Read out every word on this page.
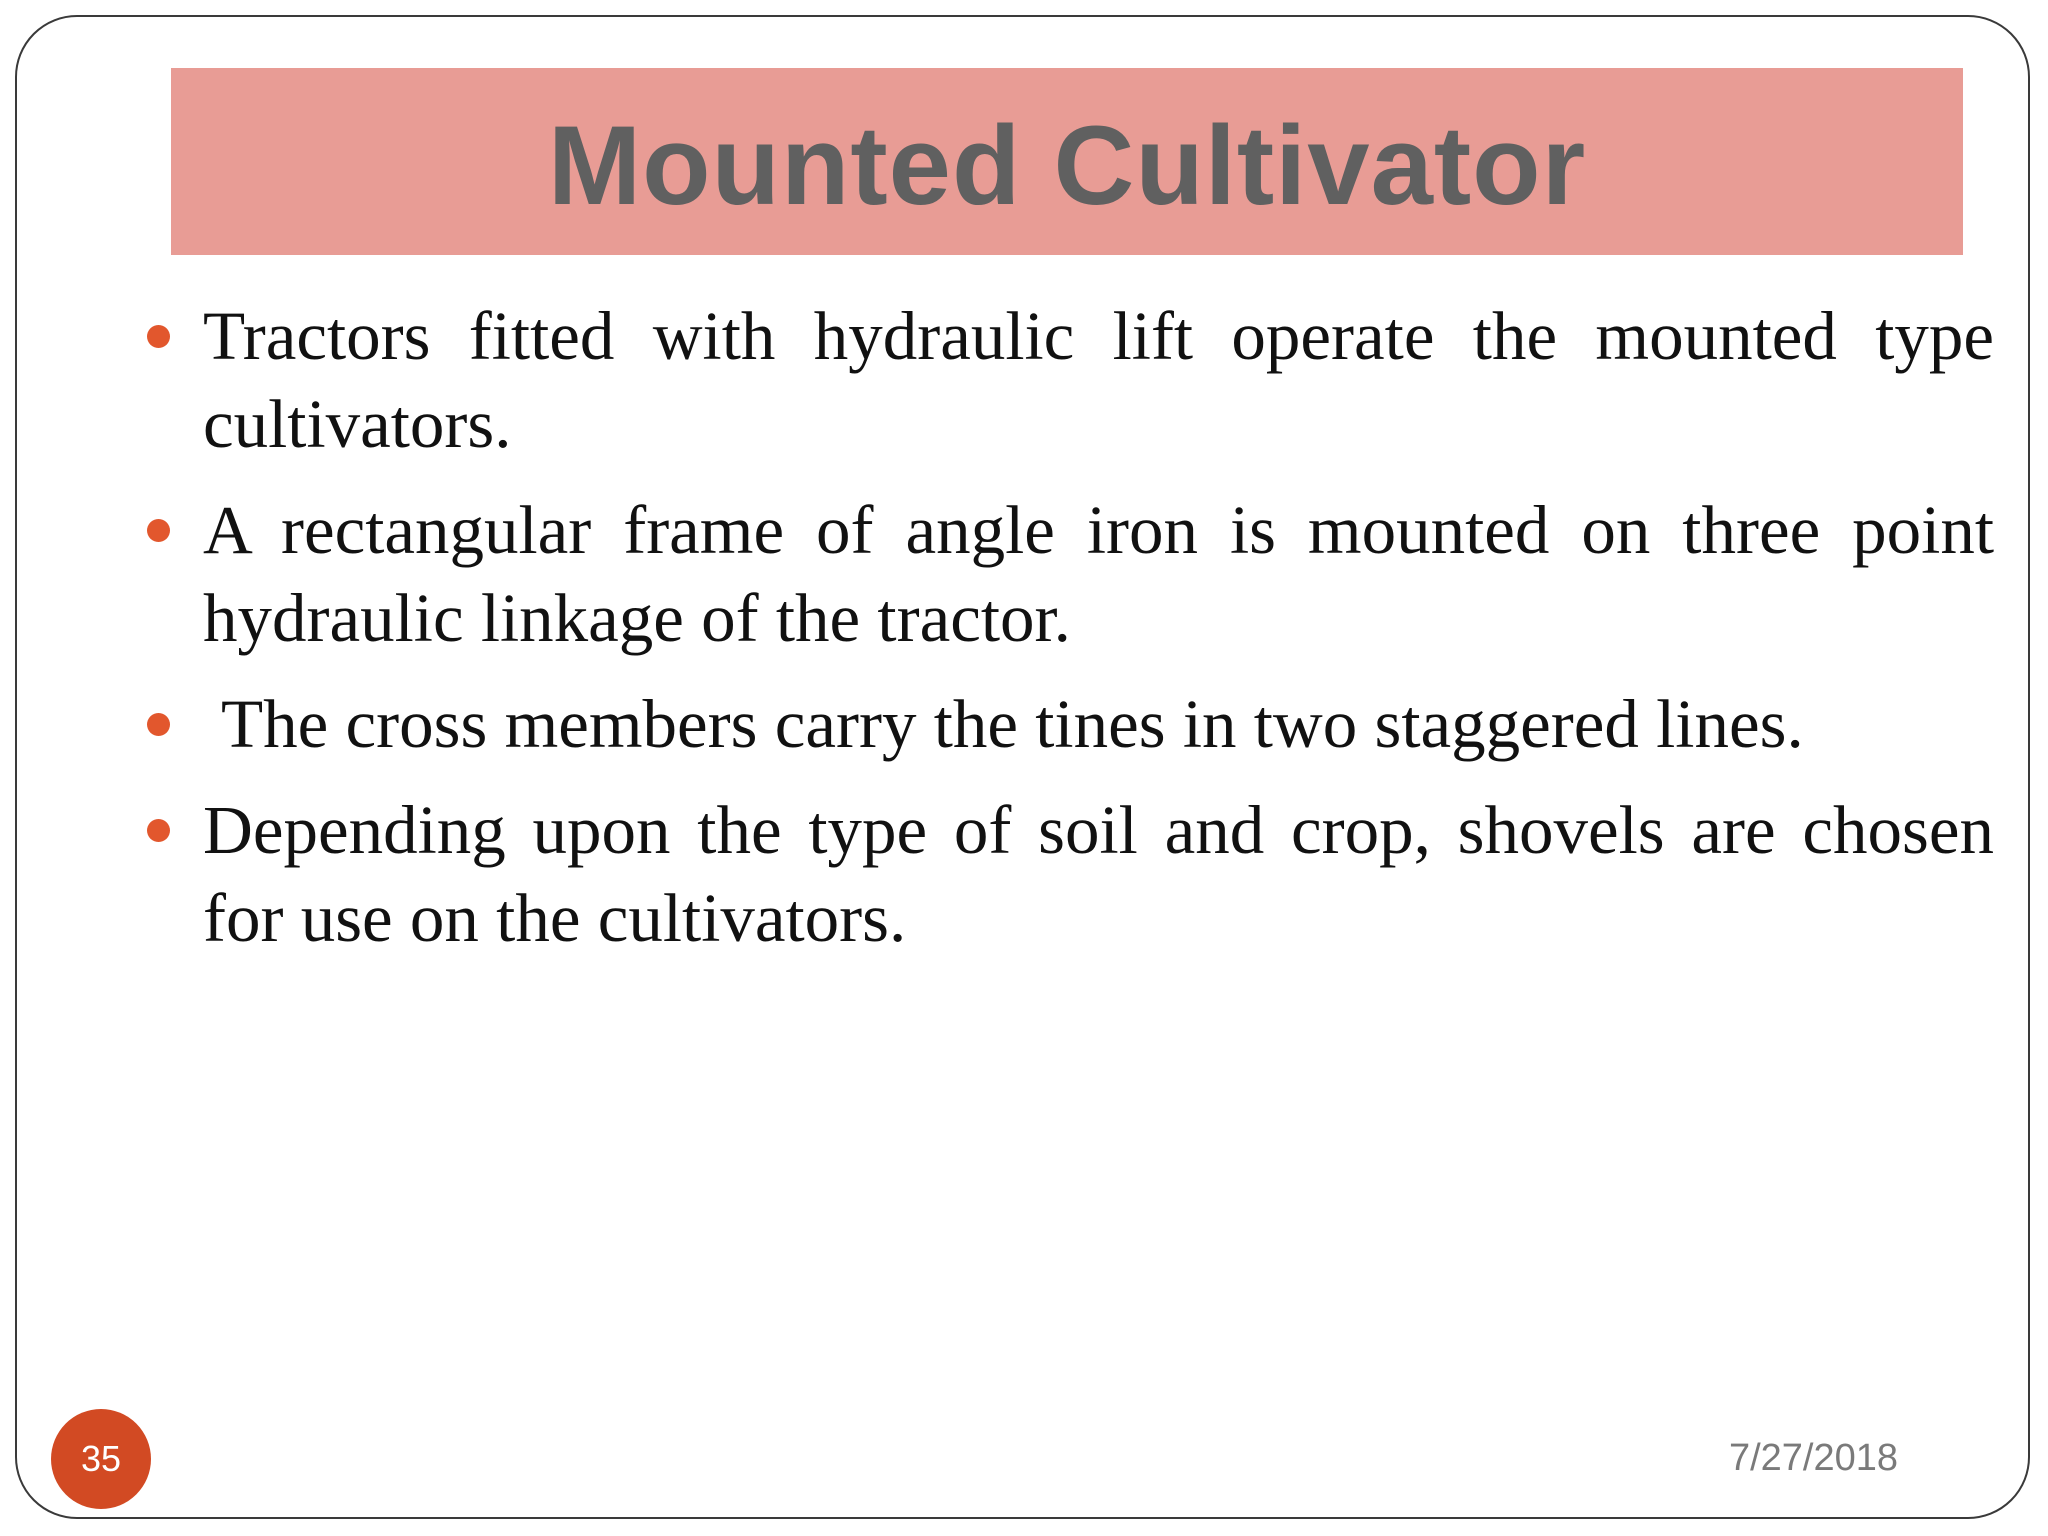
Mounted Cultivator
Tractors fitted with hydraulic lift operate the mounted type cultivators.
A rectangular frame of angle iron is mounted on three point hydraulic linkage of the tractor.
The cross members carry the tines in two staggered lines.
Depending upon the type of soil and crop, shovels are chosen for use on the cultivators.
35	7/27/2018
